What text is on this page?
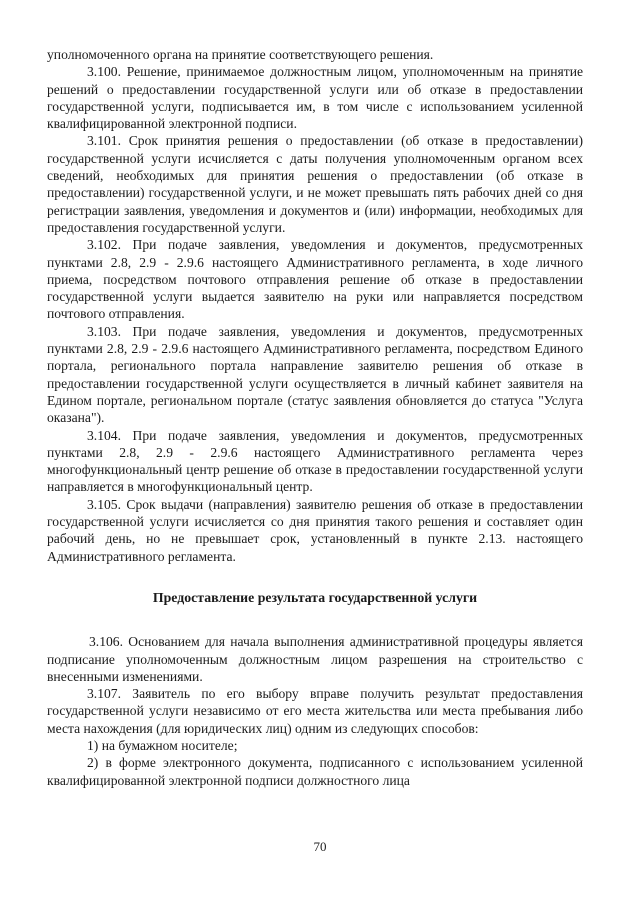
уполномоченного органа на принятие соответствующего решения.

3.100. Решение, принимаемое должностным лицом, уполномоченным на принятие решений о предоставлении государственной услуги или об отказе в предоставлении государственной услуги, подписывается им, в том числе с использованием усиленной квалифицированной электронной подписи.

3.101. Срок принятия решения о предоставлении (об отказе в предоставлении) государственной услуги исчисляется с даты получения уполномоченным органом всех сведений, необходимых для принятия решения о предоставлении (об отказе в предоставлении) государственной услуги, и не может превышать пять рабочих дней со дня регистрации заявления, уведомления и документов и (или) информации, необходимых для предоставления государственной услуги.

3.102. При подаче заявления, уведомления и документов, предусмотренных пунктами 2.8, 2.9 - 2.9.6 настоящего Административного регламента, в ходе личного приема, посредством почтового отправления решение об отказе в предоставлении государственной услуги выдается заявителю на руки или направляется посредством почтового отправления.

3.103. При подаче заявления, уведомления и документов, предусмотренных пунктами 2.8, 2.9 - 2.9.6 настоящего Административного регламента, посредством Единого портала, регионального портала направление заявителю решения об отказе в предоставлении государственной услуги осуществляется в личный кабинет заявителя на Едином портале, региональном портале (статус заявления обновляется до статуса "Услуга оказана").

3.104. При подаче заявления, уведомления и документов, предусмотренных пунктами 2.8, 2.9 - 2.9.6 настоящего Административного регламента через многофункциональный центр решение об отказе в предоставлении государственной услуги направляется в многофункциональный центр.

3.105. Срок выдачи (направления) заявителю решения об отказе в предоставлении государственной услуги исчисляется со дня принятия такого решения и составляет один рабочий день, но не превышает срок, установленный в пункте 2.13. настоящего Административного регламента.

Предоставление результата государственной услуги

3.106. Основанием для начала выполнения административной процедуры является подписание уполномоченным должностным лицом разрешения на строительство с внесенными изменениями.

3.107. Заявитель по его выбору вправе получить результат предоставления государственной услуги независимо от его места жительства или места пребывания либо места нахождения (для юридических лиц) одним из следующих способов:

1) на бумажном носителе;

2) в форме электронного документа, подписанного с использованием усиленной квалифицированной электронной подписи должностного лица

70
